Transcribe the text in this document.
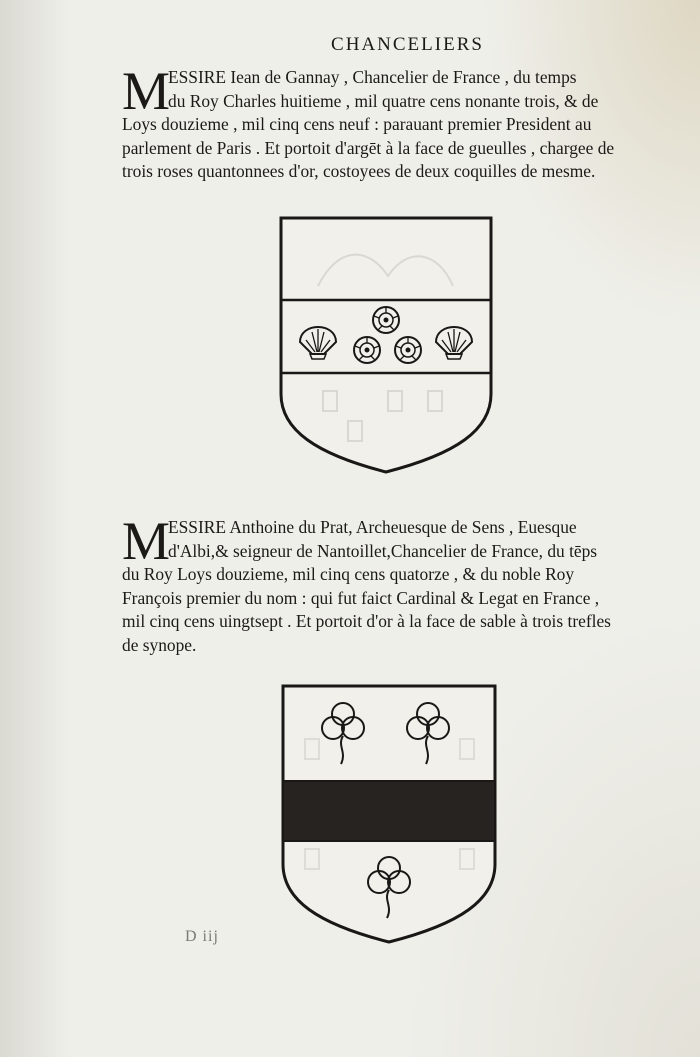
CHANCELIERS
M
ESSIRE Iean de Gannay , Chancelier de France , du temps
du Roy Charles huitieme , mil quatre cens nonante trois, & de
Loys douzieme , mil cinq cens neuf : parauant premier President au
parlement de Paris . Et portoit d'argēt à la face de gueulles , chargee de
trois roses quantonnees d'or, costoyees de deux coquilles de mesme.
M
ESSIRE Anthoine du Prat, Archeuesque de Sens , Euesque
d'Albi,& seigneur de Nantoillet,Chancelier de France, du tēps
du Roy Loys douzieme, mil cinq cens quatorze , & du noble Roy
François premier du nom : qui fut faict Cardinal & Legat en France ,
mil cinq cens uingtsept . Et portoit d'or à la face de sable à trois trefles
de synope.
D iij
